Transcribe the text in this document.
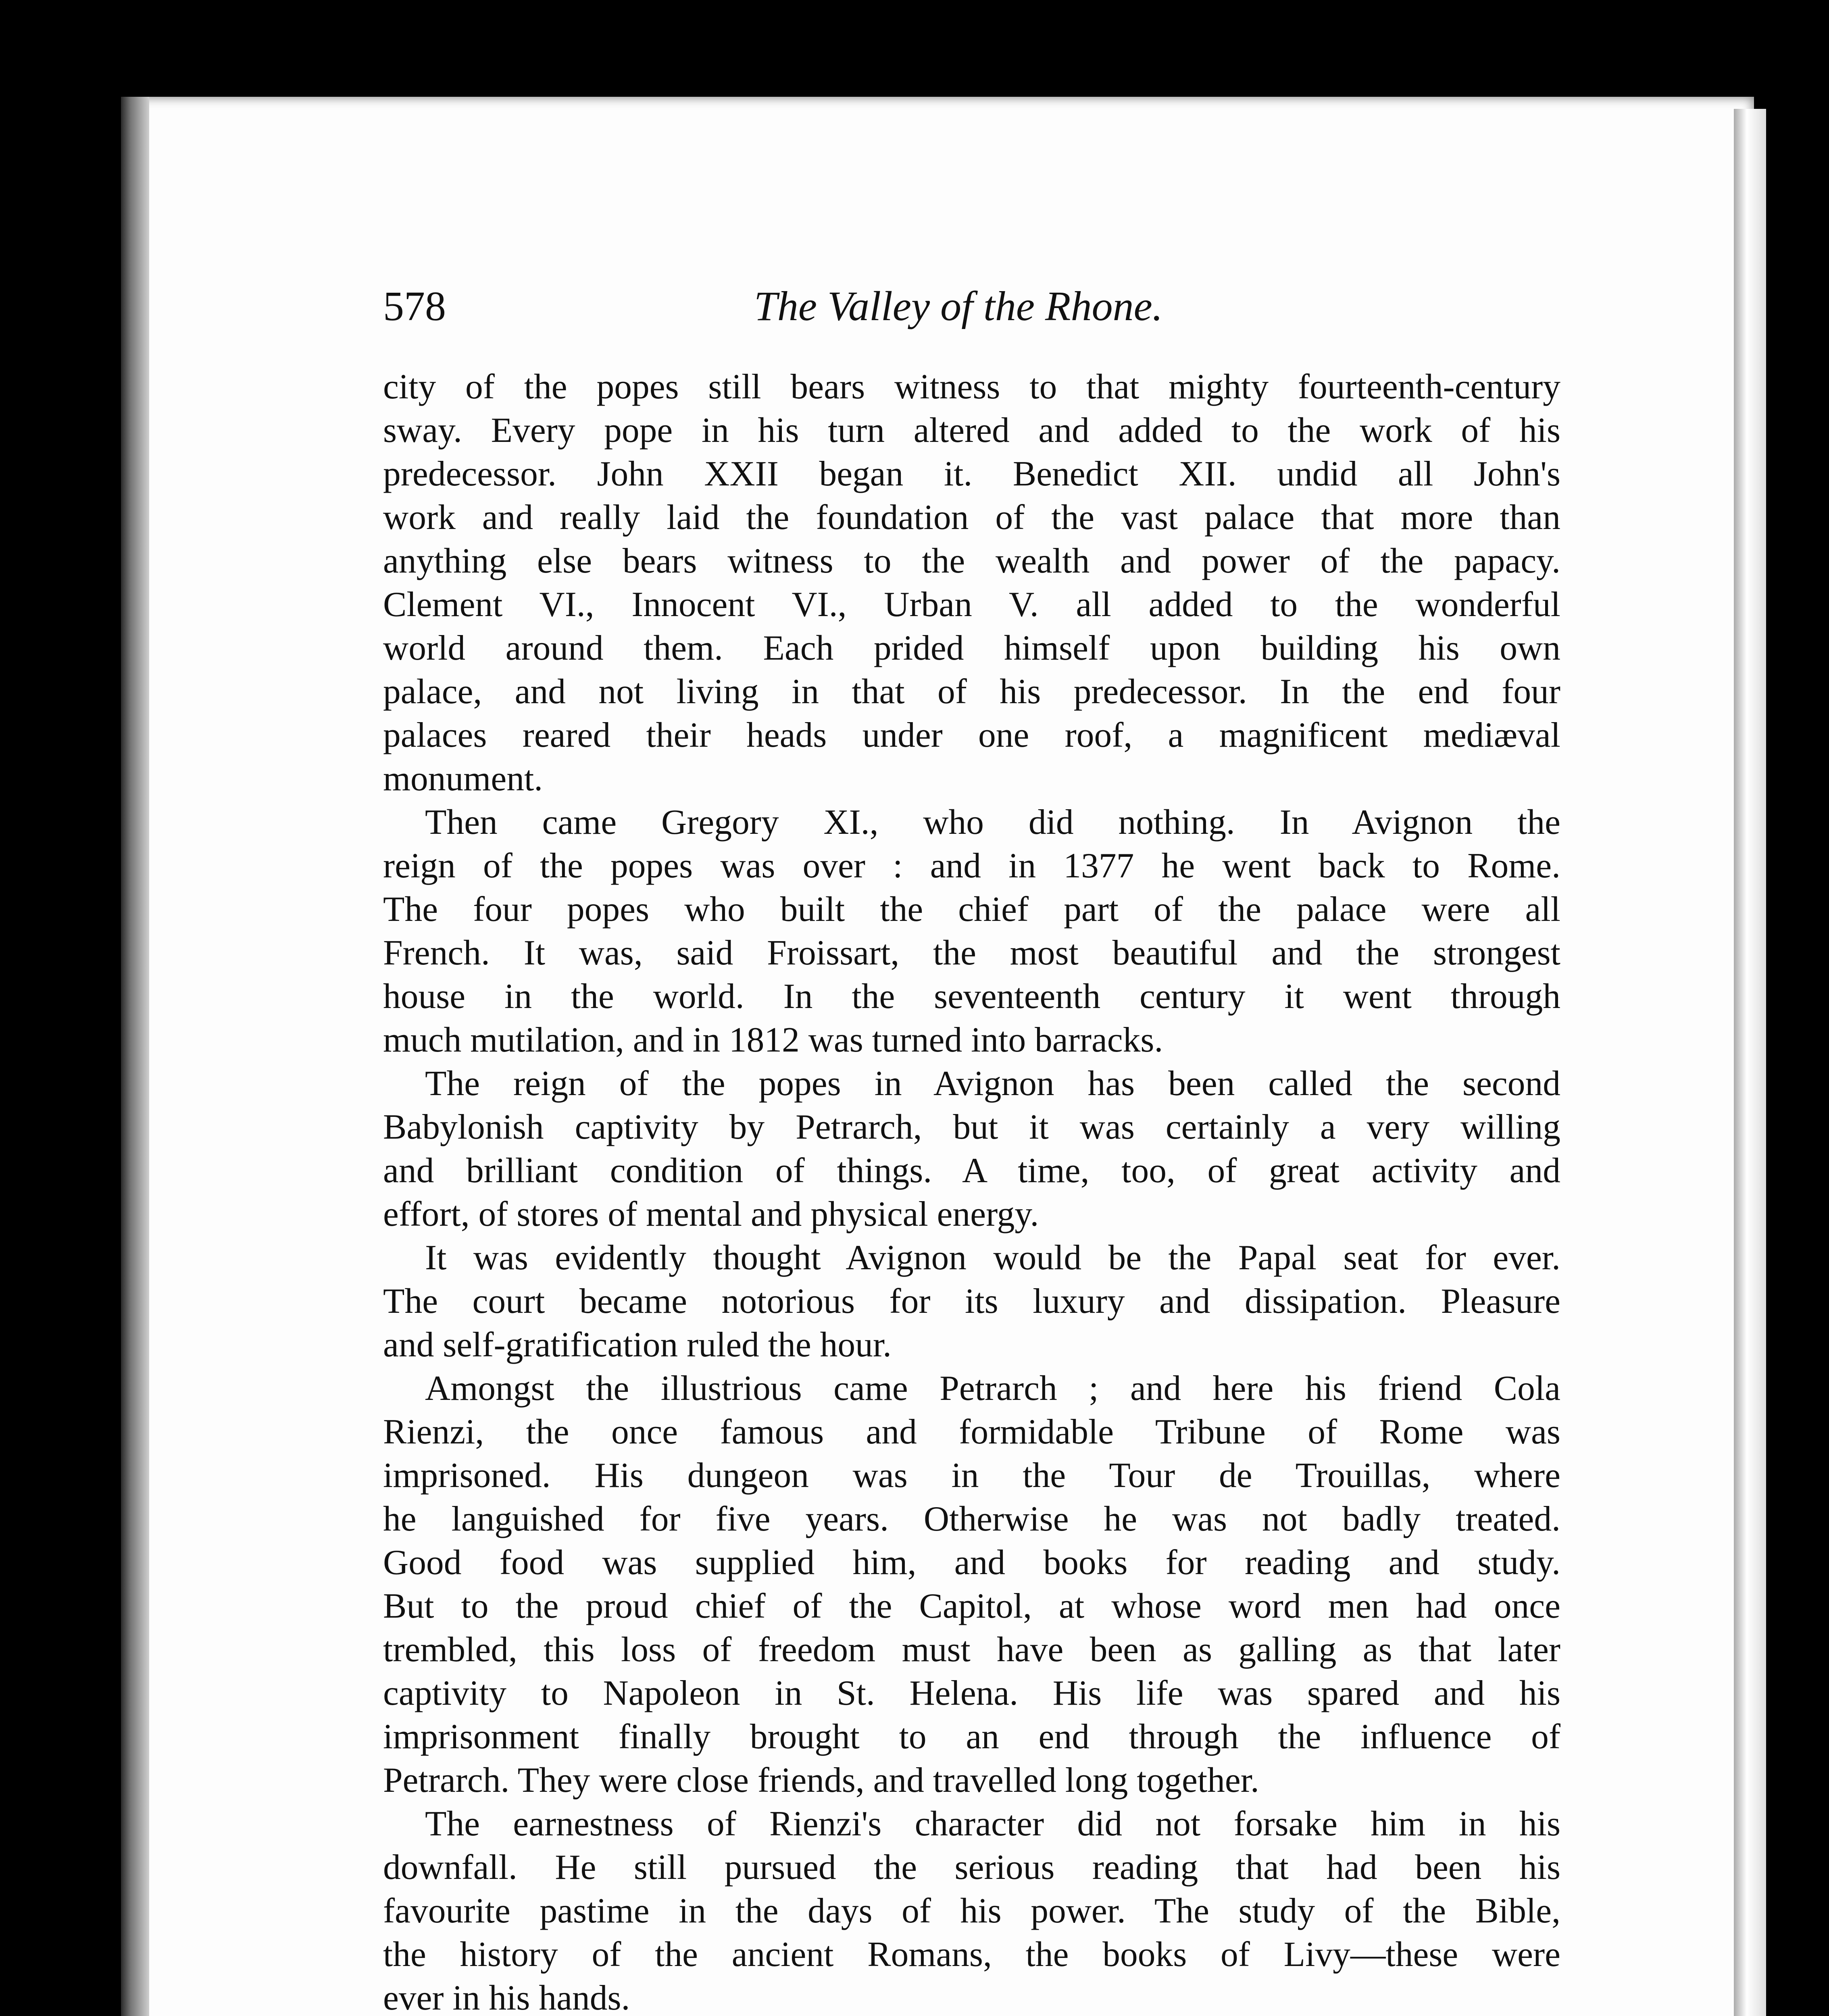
578	The Valley of the Rhone.
city of the popes still bears witness to that mighty fourteenth-century
sway. Every pope in his turn altered and added to the work of his
predecessor. John XXII began it. Benedict XII. undid all John's
work and really laid the foundation of the vast palace that more than
anything else bears witness to the wealth and power of the papacy.
Clement VI., Innocent VI., Urban V. all added to the wonderful
world around them. Each prided himself upon building his own
palace, and not living in that of his predecessor. In the end four
palaces reared their heads under one roof, a magnificent mediæval
monument.
Then came Gregory XI., who did nothing. In Avignon the
reign of the popes was over : and in 1377 he went back to Rome.
The four popes who built the chief part of the palace were all
French. It was, said Froissart, the most beautiful and the strongest
house in the world. In the seventeenth century it went through
much mutilation, and in 1812 was turned into barracks.
The reign of the popes in Avignon has been called the second
Babylonish captivity by Petrarch, but it was certainly a very willing
and brilliant condition of things. A time, too, of great activity and
effort, of stores of mental and physical energy.
It was evidently thought Avignon would be the Papal seat for ever.
The court became notorious for its luxury and dissipation. Pleasure
and self-gratification ruled the hour.
Amongst the illustrious came Petrarch ; and here his friend Cola
Rienzi, the once famous and formidable Tribune of Rome was
imprisoned. His dungeon was in the Tour de Trouillas, where
he languished for five years. Otherwise he was not badly treated.
Good food was supplied him, and books for reading and study.
But to the proud chief of the Capitol, at whose word men had once
trembled, this loss of freedom must have been as galling as that later
captivity to Napoleon in St. Helena. His life was spared and his
imprisonment finally brought to an end through the influence of
Petrarch. They were close friends, and travelled long together.
The earnestness of Rienzi's character did not forsake him in his
downfall. He still pursued the serious reading that had been his
favourite pastime in the days of his power. The study of the Bible,
the history of the ancient Romans, the books of Livy—these were
ever in his hands.
